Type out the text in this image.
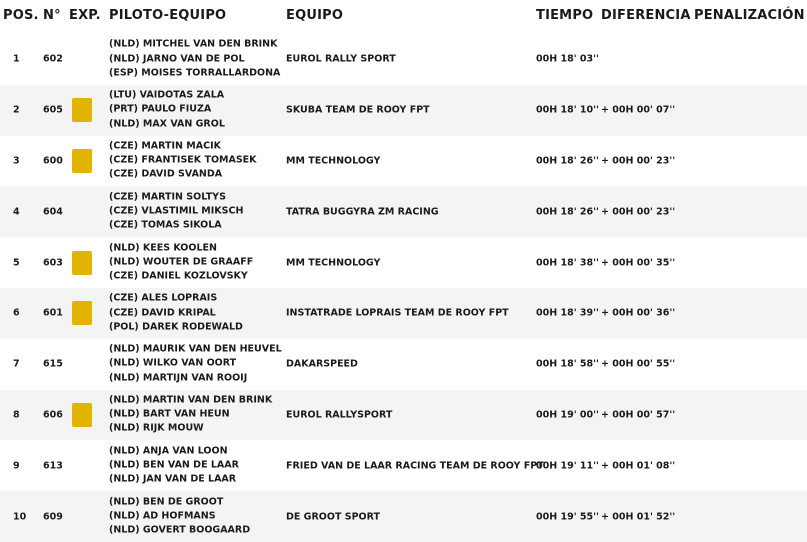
POS. N° EXP. PILOTO-EQUIPO	EQUIPO	TIEMPO DIFERENCIA PENALIZACIÓN
1 602
(NLD) MITCHEL VAN DEN BRINK
(NLD) JARNO VAN DE POL
(ESP) MOISES TORRALLARDONA
EUROL RALLY SPORT	00H 18' 03''
2 605
(LTU) VAIDOTAS ZALA
(PRT) PAULO FIUZA
(NLD) MAX VAN GROL
SKUBA TEAM DE ROOY FPT	00H 18' 10'' + 00H 00' 07''
3 600
(CZE) MARTIN MACIK
(CZE) FRANTISEK TOMASEK
(CZE) DAVID SVANDA
MM TECHNOLOGY	00H 18' 26'' + 00H 00' 23''
4 604
(CZE) MARTIN SOLTYS
(CZE) VLASTIMIL MIKSCH
(CZE) TOMAS SIKOLA
TATRA BUGGYRA ZM RACING	00H 18' 26'' + 00H 00' 23''
5 603
(NLD) KEES KOOLEN
(NLD) WOUTER DE GRAAFF
(CZE) DANIEL KOZLOVSKY
MM TECHNOLOGY	00H 18' 38'' + 00H 00' 35''
6 601
(CZE) ALES LOPRAIS
(CZE) DAVID KRIPAL
(POL) DAREK RODEWALD
INSTATRADE LOPRAIS TEAM DE ROOY FPT	00H 18' 39'' + 00H 00' 36''
7 615
(NLD) MAURIK VAN DEN HEUVEL
(NLD) WILKO VAN OORT
(NLD) MARTIJN VAN ROOIJ
DAKARSPEED	00H 18' 58'' + 00H 00' 55''
8 606
(NLD) MARTIN VAN DEN BRINK
(NLD) BART VAN HEUN
(NLD) RIJK MOUW
EUROL RALLYSPORT	00H 19' 00'' + 00H 00' 57''
9 613
(NLD) ANJA VAN LOON
(NLD) BEN VAN DE LAAR
(NLD) JAN VAN DE LAAR
FRIED VAN DE LAAR RACING TEAM DE ROOY FPT
00H 19' 11'' + 00H 01' 08''
10 609
(NLD) BEN DE GROOT
(NLD) AD HOFMANS
(NLD) GOVERT BOOGAARD
DE GROOT SPORT	00H 19' 55'' + 00H 01' 52''
